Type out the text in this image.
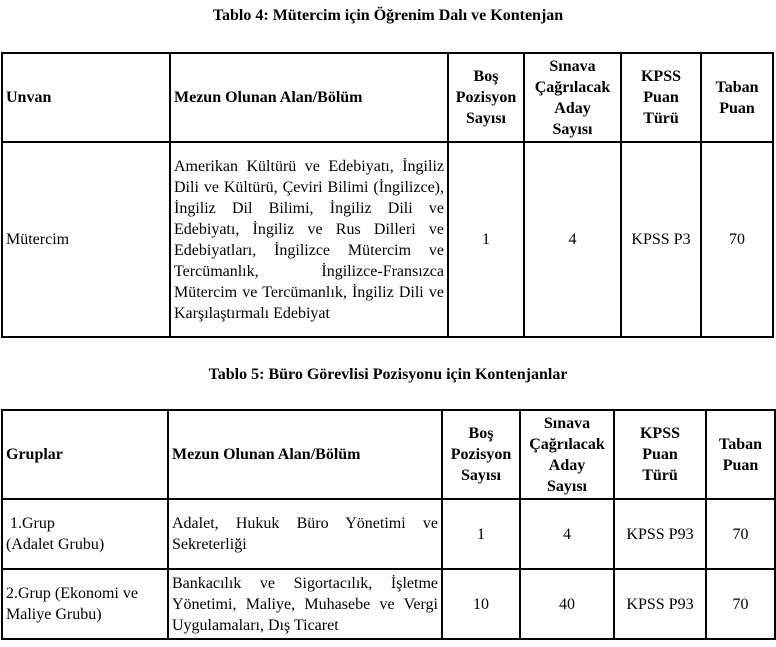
Tablo 4: Mütercim için Öğrenim Dalı ve Kontenjan
Unvan	Mezun Olunan Alan/Bölüm	Boş
Pozisyon
Sayısı	Sınava
Çağrılacak
Aday
Sayısı	KPSS
Puan
Türü	Taban
Puan
Mütercim	Amerikan Kültürü ve Edebiyatı, İngiliz Dili ve Kültürü, Çeviri Bilimi (İngilizce), İngiliz Dil Bilimi, İngiliz Dili ve Edebiyatı, İngiliz ve Rus Dilleri ve Edebiyatları, İngilizce Mütercim ve Tercümanlık, İngilizce-Fransızca Mütercim ve Tercümanlık, İngiliz Dili ve Karşılaştırmalı Edebiyat	1	4	KPSS P3	70
Tablo 5: Büro Görevlisi Pozisyonu için Kontenjanlar
Gruplar	Mezun Olunan Alan/Bölüm	Boş
Pozisyon
Sayısı	Sınava
Çağrılacak
Aday
Sayısı	KPSS
Puan
Türü	Taban
Puan
1.Grup
(Adalet Grubu)	Adalet, Hukuk Büro Yönetimi ve Sekreterliği	1	4	KPSS P93	70
2.Grup (Ekonomi ve
Maliye Grubu)	Bankacılık ve Sigortacılık, İşletme Yönetimi, Maliye, Muhasebe ve Vergi Uygulamaları, Dış Ticaret	10	40	KPSS P93	70
